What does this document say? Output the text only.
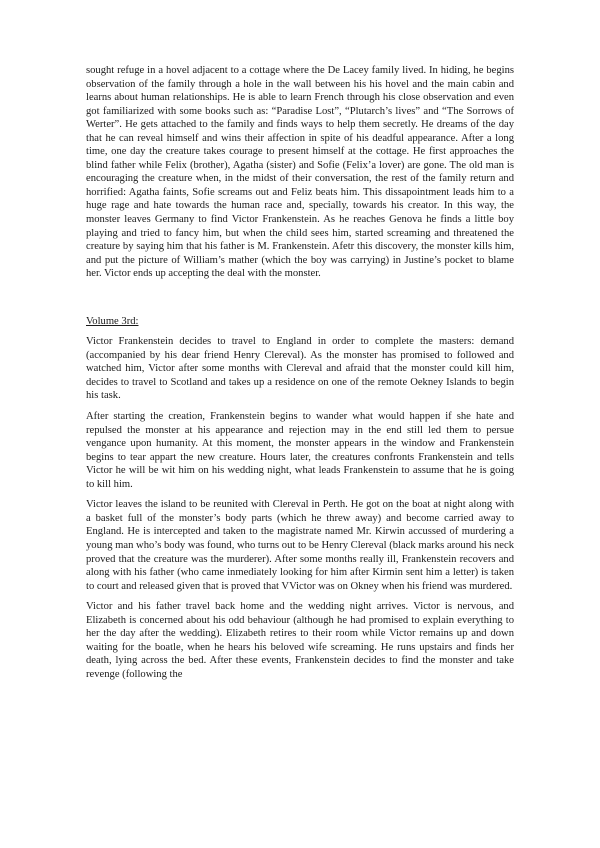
sought refuge in a hovel adjacent to a cottage where the De Lacey family lived. In hiding, he begins observation of the family through a hole in the wall between his his hovel and the main cabin and learns about human relationships. He is able to learn French through his close observation and even got familiarized with some books such as: “Paradise Lost”, “Plutarch’s lives” and “The Sorrows of Werter”. He gets attached to the family and finds ways to help them secretly. He dreams of the day that he can reveal himself and wins their affection in spite of his deadful appearance. After a long time, one day the creature takes courage to present himself at the cottage. He first approaches the blind father while Felix (brother), Agatha (sister) and Sofie (Felix’a lover) are gone. The old man is encouraging the creature when, in the midst of their conversation, the rest of the family return and horrified: Agatha faints, Sofie screams out and Feliz beats him. This dissapointment leads him to a huge rage and hate towards the human race and, specially, towards his creator. In this way, the monster leaves Germany to find Victor Frankenstein. As he reaches Genova he finds a little boy playing and tried to fancy him, but when the child sees him, started screaming and threatened the creature by saying him that his father is M. Frankenstein. Afetr this discovery, the monster kills him, and put the picture of William’s mather (which the boy was carrying) in Justine’s pocket to blame her. Victor ends up accepting the deal with the monster.

Volume 3rd:

Victor Frankenstein decides to travel to England in order to complete the masters: demand (accompanied by his dear friend Henry Clereval). As the monster has promised to followed and watched him, Victor after some months with Clereval and afraid that the monster could kill him, decides to travel to Scotland and takes up a residence on one of the remote Oekney Islands to begin his task.

After starting the creation, Frankenstein begins to wander what would happen if she hate and repulsed the monster at his appearance and rejection may in the end still led them to persue vengance upon humanity. At this moment, the monster appears in the window and Frankenstein begins to tear appart the new creature. Hours later, the creatures confronts Frankenstein and tells Victor he will be wit him on his wedding night, what leads Frankenstein to assume that he is going to kill him.

Victor leaves the island to be reunited with Clereval in Perth. He got on the boat at night along with a basket full of the monster’s body parts (which he threw away) and become carried away to England. He is intercepted and taken to the magistrate named Mr. Kirwin accussed of murdering a young man who’s body was found, who turns out to be Henry Clereval (black marks around his neck proved that the creature was the murderer). After some months really ill, Frankenstein recovers and along with his father (who came inmediately looking for him after Kirmin sent him a letter) is taken to court and released given that is proved that VVictor was on Okney when his friend was murdered.

Victor and his father travel back home and the wedding night arrives. Victor is nervous, and Elizabeth is concerned about his odd behaviour (although he had promised to explain everything to her the day after the wedding). Elizabeth retires to their room while Victor remains up and down waiting for the boatle, when he hears his beloved wife screaming. He runs upstairs and finds her death, lying across the bed. After these events, Frankenstein decides to find the monster and take revenge (following the
